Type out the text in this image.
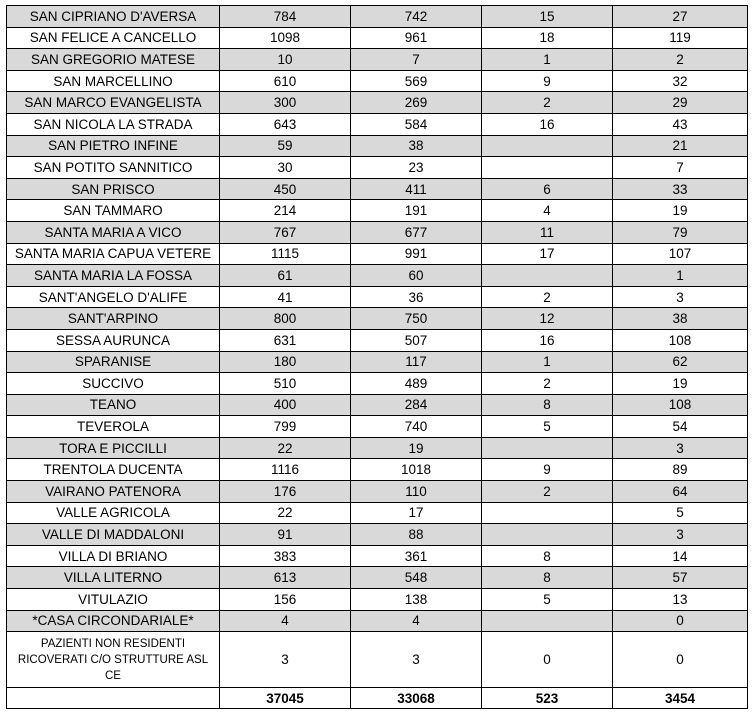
SAN CIPRIANO D'AVERSA	784	742	15	27
SAN FELICE A CANCELLO	1098	961	18	119
SAN GREGORIO MATESE	10	7	1	2
SAN MARCELLINO	610	569	9	32
SAN MARCO EVANGELISTA	300	269	2	29
SAN NICOLA LA STRADA	643	584	16	43
SAN PIETRO INFINE	59	38		21
SAN POTITO SANNITICO	30	23		7
SAN PRISCO	450	411	6	33
SAN TAMMARO	214	191	4	19
SANTA MARIA A VICO	767	677	11	79
SANTA MARIA CAPUA VETERE	1115	991	17	107
SANTA MARIA LA FOSSA	61	60		1
SANT'ANGELO D'ALIFE	41	36	2	3
SANT'ARPINO	800	750	12	38
SESSA AURUNCA	631	507	16	108
SPARANISE	180	117	1	62
SUCCIVO	510	489	2	19
TEANO	400	284	8	108
TEVEROLA	799	740	5	54
TORA E PICCILLI	22	19		3
TRENTOLA DUCENTA	1116	1018	9	89
VAIRANO PATENORA	176	110	2	64
VALLE AGRICOLA	22	17		5
VALLE DI MADDALONI	91	88		3
VILLA DI BRIANO	383	361	8	14
VILLA LITERNO	613	548	8	57
VITULAZIO	156	138	5	13
*CASA CIRCONDARIALE*	4	4		0
PAZIENTI NON RESIDENTI RICOVERATI C/O STRUTTURE ASL CE	3	3	0	0
	37045	33068	523	3454
